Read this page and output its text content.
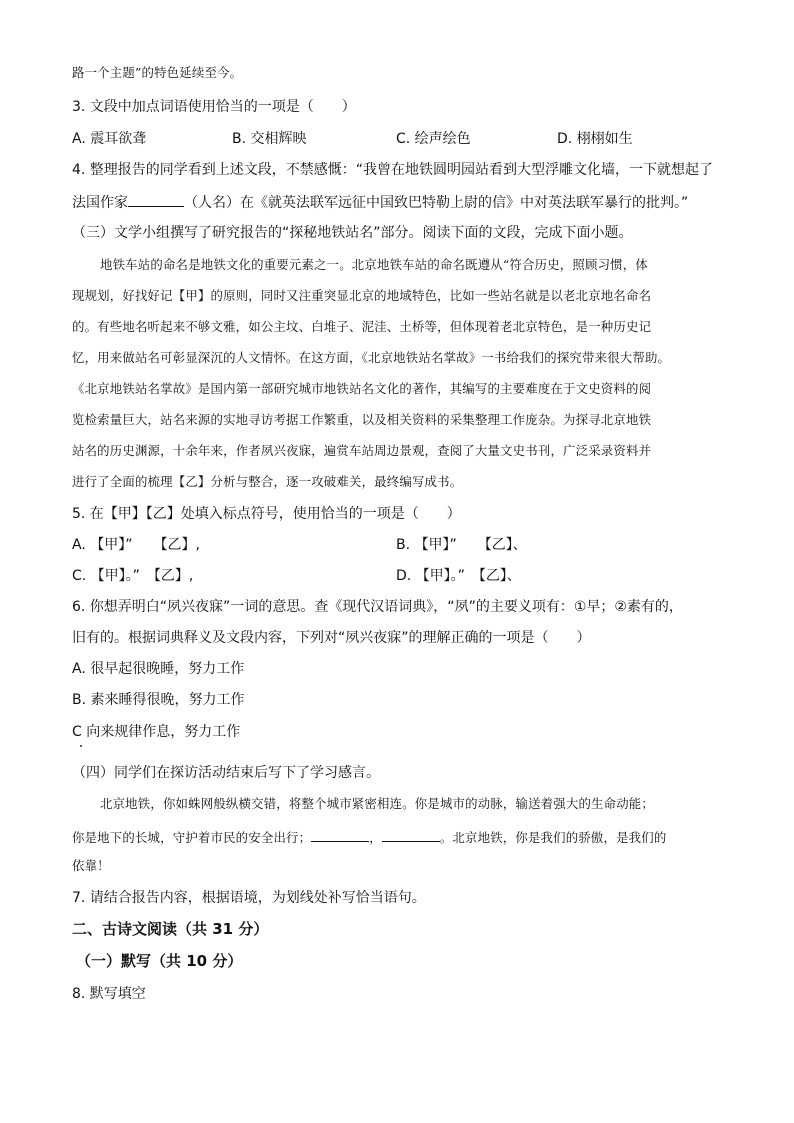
路一个主题”的特色延续至今。
3. 文段中加点词语使用恰当的一项是（　　）
A. 震耳欲聋	B. 交相辉映	C. 绘声绘色	D. 栩栩如生
4. 整理报告的同学看到上述文段，不禁感慨：“我曾在地铁圆明园站看到大型浮雕文化墙，一下就想起了
法国作家	（人名）在《就英法联军远征中国致巴特勒上尉的信》中对英法联军暴行的批判。”
（三）文学小组撰写了研究报告的“探秘地铁站名”部分。阅读下面的文段，完成下面小题。
地铁车站的命名是地铁文化的重要元素之一。北京地铁车站的命名既遵从“符合历史，照顾习惯，体
现规划，好找好记【甲】的原则，同时又注重突显北京的地域特色，比如一些站名就是以老北京地名命名
的。有些地名听起来不够文雅，如公主坟、白堆子、泥洼、土桥等，但体现着老北京特色，是一种历史记
忆，用来做站名可彰显深沉的人文情怀。在这方面，《北京地铁站名掌故》一书给我们的探究带来很大帮助。
《北京地铁站名掌故》是国内第一部研究城市地铁站名文化的著作，其编写的主要难度在于文史资料的阅
览检索量巨大，站名来源的实地寻访考据工作繁重，以及相关资料的采集整理工作庞杂。为探寻北京地铁
站名的历史渊源，十余年来，作者夙兴夜寐，遍赏车站周边景观，查阅了大量文史书刊，广泛采录资料并
进行了全面的梳理【乙】分析与整合，逐一攻破难关，最终编写成书。
5. 在【甲】【乙】处填入标点符号，使用恰当的一项是（　　）
A. 【甲】”　　【乙】,	B. 【甲】”　　【乙】、
C. 【甲】。”　【乙】,	D. 【甲】。”　【乙】、
6. 你想弄明白“夙兴夜寐”一词的意思。查《现代汉语词典》，“夙”的主要义项有：①早；②素有的，
旧有的。根据词典释义及文段内容，下列对“夙兴夜寐”的理解正确的一项是（　　）
A. 很早起很晚睡，努力工作
B. 素来睡得很晚，努力工作
C 向来规律作息，努力工作
（四）同学们在探访活动结束后写下了学习感言。
北京地铁，你如蛛网般纵横交错，将整个城市紧密相连。你是城市的动脉，输送着强大的生命动能；
你是地下的长城，守护着市民的安全出行；	，	。北京地铁，你是我们的骄傲，是我们的
依靠！
7. 请结合报告内容，根据语境，为划线处补写恰当语句。
二、古诗文阅读（共 31 分）
（一）默写（共 10 分）
8. 默写填空
